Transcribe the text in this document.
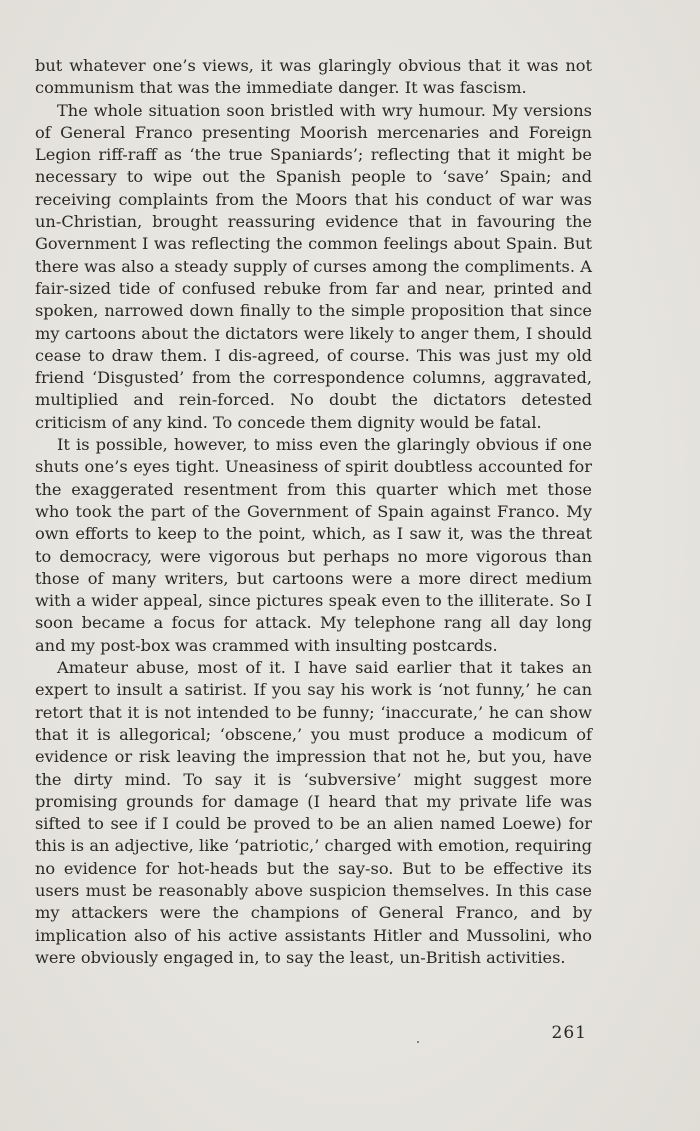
but whatever one’s views, it was glaringly obvious that it was not communism that was the immediate danger. It was fascism.

The whole situation soon bristled with wry humour. My versions of General Franco presenting Moorish mercenaries and Foreign Legion riff-raff as ‘the true Spaniards’; reflecting that it might be necessary to wipe out the Spanish people to ‘save’ Spain; and receiving complaints from the Moors that his conduct of war was un-Christian, brought reassuring evidence that in favouring the Government I was reflecting the common feelings about Spain. But there was also a steady supply of curses among the compliments. A fair-sized tide of confused rebuke from far and near, printed and spoken, narrowed down finally to the simple proposition that since my cartoons about the dictators were likely to anger them, I should cease to draw them. I dis-agreed, of course. This was just my old friend ‘Disgusted’ from the correspondence columns, aggravated, multiplied and rein-forced. No doubt the dictators detested criticism of any kind. To concede them dignity would be fatal.

It is possible, however, to miss even the glaringly obvious if one shuts one’s eyes tight. Uneasiness of spirit doubtless accounted for the exaggerated resentment from this quarter which met those who took the part of the Government of Spain against Franco. My own efforts to keep to the point, which, as I saw it, was the threat to democracy, were vigorous but perhaps no more vigorous than those of many writers, but cartoons were a more direct medium with a wider appeal, since pictures speak even to the illiterate. So I soon became a focus for attack. My telephone rang all day long and my post-box was crammed with insulting postcards.

Amateur abuse, most of it. I have said earlier that it takes an expert to insult a satirist. If you say his work is ‘not funny,’ he can retort that it is not intended to be funny; ‘inaccurate,’ he can show that it is allegorical; ‘obscene,’ you must produce a modicum of evidence or risk leaving the impression that not he, but you, have the dirty mind. To say it is ‘subversive’ might suggest more promising grounds for damage (I heard that my private life was sifted to see if I could be proved to be an alien named Loewe) for this is an adjective, like ‘patriotic,’ charged with emotion, requiring no evidence for hot-heads but the say-so. But to be effective its users must be reasonably above suspicion themselves. In this case my attackers were the champions of General Franco, and by implication also of his active assistants Hitler and Mussolini, who were obviously engaged in, to say the least, un-British activities.

261
